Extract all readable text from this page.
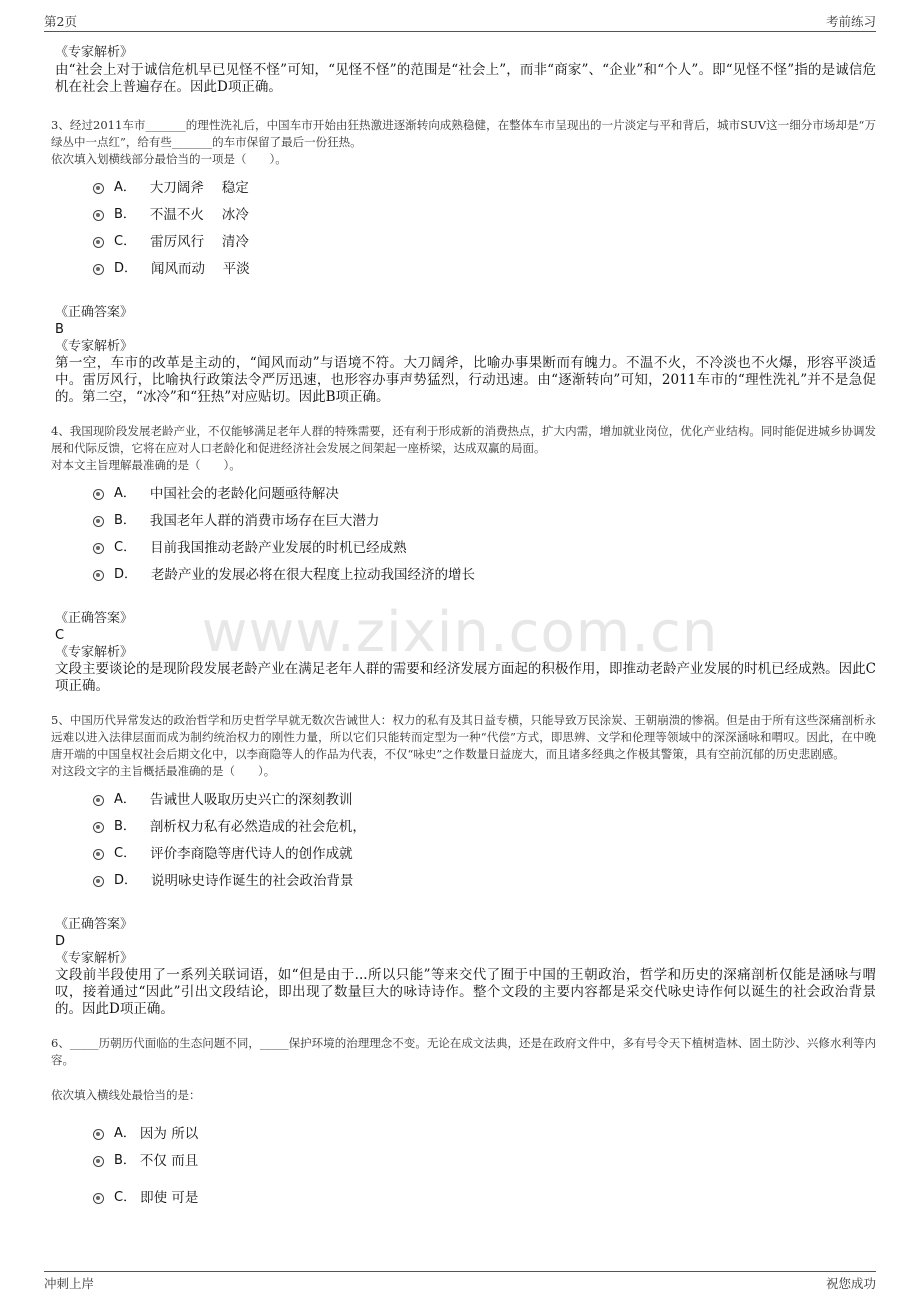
第2页	考前练习
www.zixin.com.cn
《专家解析》
由“社会上对于诚信危机早已见怪不怪”可知，“见怪不怪”的范围是“社会上”，而非“商家”、“企业”和“个人”。即“见怪不怪”指的是诚信危机在社会上普遍存在。因此D项正确。
3、经过2011车市_______的理性洗礼后，中国车市开始由狂热激进逐渐转向成熟稳健，在整体车市呈现出的一片淡定与平和背后，城市SUV这一细分市场却是“万绿丛中一点红”，给有些_______的车市保留了最后一份狂热。
依次填入划横线部分最恰当的一项是（　　）。
A． 大刀阔斧　 稳定
B． 不温不火　 冰冷
C． 雷厉风行　 清冷
D． 闻风而动　 平淡
《正确答案》
B
《专家解析》
第一空，车市的改革是主动的，“闻风而动”与语境不符。大刀阔斧，比喻办事果断而有魄力。不温不火，不冷淡也不火爆，形容平淡适中。雷厉风行，比喻执行政策法令严厉迅速，也形容办事声势猛烈，行动迅速。由“逐渐转向”可知，2011车市的“理性洗礼”并不是急促的。第二空，“冰冷”和“狂热”对应贴切。因此B项正确。
4、我国现阶段发展老龄产业，不仅能够满足老年人群的特殊需要，还有利于形成新的消费热点，扩大内需，增加就业岗位，优化产业结构。同时能促进城乡协调发展和代际反馈，它将在应对人口老龄化和促进经济社会发展之间架起一座桥梁，达成双赢的局面。
对本文主旨理解最准确的是（　　）。
A． 中国社会的老龄化问题亟待解决
B． 我国老年人群的消费市场存在巨大潜力
C． 目前我国推动老龄产业发展的时机已经成熟
D． 老龄产业的发展必将在很大程度上拉动我国经济的增长
《正确答案》
C
《专家解析》
文段主要谈论的是现阶段发展老龄产业在满足老年人群的需要和经济发展方面起的积极作用，即推动老龄产业发展的时机已经成熟。因此C项正确。
5、中国历代异常发达的政治哲学和历史哲学早就无数次告诫世人：权力的私有及其日益专横，只能导致万民涂炭、王朝崩溃的惨祸。但是由于所有这些深痛剖析永远难以进入法律层面而成为制约统治权力的刚性力量，所以它们只能转而定型为一种“代偿”方式，即思辨、文学和伦理等领域中的深深涵咏和喟叹。因此，在中晚唐开端的中国皇权社会后期文化中，以李商隐等人的作品为代表，不仅“咏史”之作数量日益庞大，而且诸多经典之作极其警策，具有空前沉郁的历史悲剧感。
对这段文字的主旨概括最准确的是（　　）。
A． 告诫世人吸取历史兴亡的深刻教训
B． 剖析权力私有必然造成的社会危机，
C． 评价李商隐等唐代诗人的创作成就
D． 说明咏史诗作诞生的社会政治背景
《正确答案》
D
《专家解析》
文段前半段使用了一系列关联词语，如“但是由于...所以只能”等来交代了囿于中国的王朝政治，哲学和历史的深痛剖析仅能是涵咏与喟叹，接着通过“因此”引出文段结论，即出现了数量巨大的咏诗诗作。整个文段的主要内容都是采交代咏史诗作何以诞生的社会政治背景的。因此D项正确。
6、_____历朝历代面临的生态问题不同，_____保护环境的治理理念不变。无论在成文法典，还是在政府文件中，多有号令天下植树造林、固土防沙、兴修水利等内容。
依次填入横线处最恰当的是：
A． 因为 所以
B． 不仅 而且
C． 即使 可是
冲刺上岸	祝您成功
